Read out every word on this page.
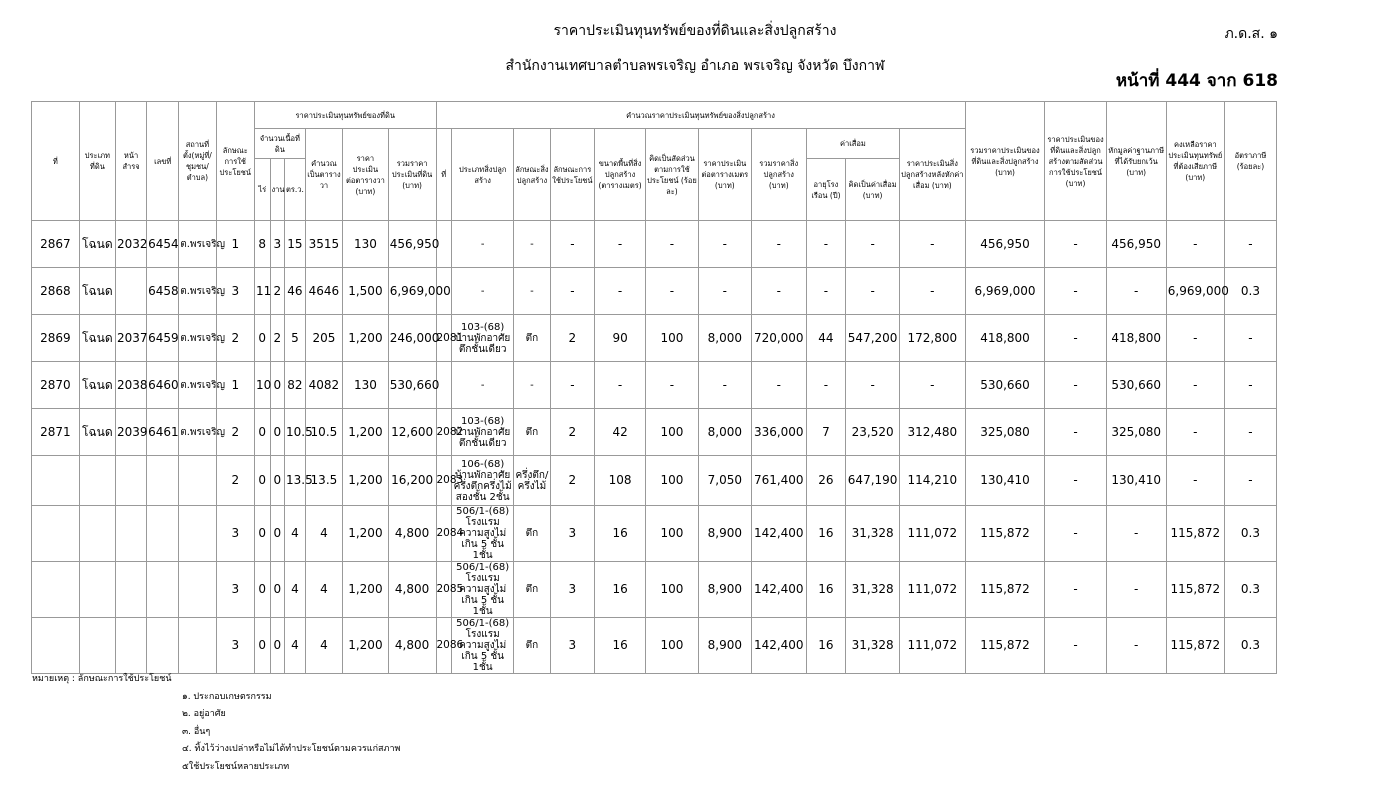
ราคาประเมินทุนทรัพย์ของที่ดินและสิ่งปลูกสร้าง
สำนักงานเทศบาลตำบลพรเจริญ อำเภอ พรเจริญ จังหวัด บึงกาฬ
ภ.ด.ส. ๑
หน้าที่ 444 จาก 618
ที่	ประเภทที่ดิน	หน้าสำรจ	เลขที่	สถานที่ตั้ง(หมู่ที่/ชุมชน/ตำบล)	ลักษณะการใช้ประโยชน์	ราคาประเมินทุนทรัพย์ของที่ดิน						คำนวณราคาประเมินทุนทรัพย์ของสิ่งปลูกสร้าง											รวมราคาประเมินของที่ดินและสิ่งปลูกสร้าง (บาท)	ราคาประเมินของที่ดินและสิ่งปลูกสร้างตามสัดส่วนการใช้ประโยชน์ (บาท)	หักมูลค่าฐานภาษีที่ได้รับยกเว้น (บาท)	คงเหลือราคาประเมินทุนทรัพย์ที่ต้องเสียภาษี (บาท)	อัตราภาษี (ร้อยละ)
						จำนวนเนื้อที่ดิน			คำนวณเป็นตารางวา	ราคาประเมินต่อตารางวา (บาท)	รวมราคาประเมินที่ดิน (บาท)	ที่	ประเภทสิ่งปลูกสร้าง	ลักษณะสิ่งปลูกสร้าง	ลักษณะการใช้ประโยชน์	ขนาดพื้นที่สิ่งปลูกสร้าง (ตารางเมตร)	คิดเป็นสัดส่วนตามการใช้ประโยชน์ (ร้อยละ)	ราคาประเมินต่อตารางเมตร (บาท)	รวมราคาสิ่งปลูกสร้าง (บาท)	ค่าเสื่อม		ราคาประเมินสิ่งปลูกสร้างหลังหักค่าเสื่อม (บาท)					
						ไร่	งาน	ตร.ว.												อายุโรงเรือน (ปี)	คิดเป็นค่าเสื่อม (บาท)						
2867	โฉนด	2032	6454	ต.พรเจริญ	1	8	3	15	3515	130	456,950		-	-	-	-	-	-	-	-	-	-	456,950	-	456,950	-	-
2868	โฉนด		6458	ต.พรเจริญ	3	11	2	46	4646	1,500	6,969,000		-	-	-	-	-	-	-	-	-	-	6,969,000	-	-	6,969,000	0.3
2869	โฉนด	2037	6459	ต.พรเจริญ	2	0	2	5	205	1,200	246,000	2081	103-(68) บ้านพักอาศัยตึกชั้นเดียว	ตึก	2	90	100	8,000	720,000	44	547,200	172,800	418,800	-	418,800	-	-
2870	โฉนด	2038	6460	ต.พรเจริญ	1	10	0	82	4082	130	530,660		-	-	-	-	-	-	-	-	-	-	530,660	-	530,660	-	-
2871	โฉนด	2039	6461	ต.พรเจริญ	2	0	0	10.5	10.5	1,200	12,600	2082	103-(68) บ้านพักอาศัยตึกชั้นเดียว	ตึก	2	42	100	8,000	336,000	7	23,520	312,480	325,080	-	325,080	-	-
					2	0	0	13.5	13.5	1,200	16,200	2083	106-(68) บ้านพักอาศัยครึ่งตึกครึ่งไม้สองชั้น 2ชั้น	ครึ่งตึก/ครึ่งไม้	2	108	100	7,050	761,400	26	647,190	114,210	130,410	-	130,410	-	-
					3	0	0	4	4	1,200	4,800	2084	506/1-(68) โรงแรม ความสูงไม่เกิน 5 ชั้น 1ชั้น	ตึก	3	16	100	8,900	142,400	16	31,328	111,072	115,872	-	-	115,872	0.3
					3	0	0	4	4	1,200	4,800	2085	506/1-(68) โรงแรม ความสูงไม่เกิน 5 ชั้น 1ชั้น	ตึก	3	16	100	8,900	142,400	16	31,328	111,072	115,872	-	-	115,872	0.3
					3	0	0	4	4	1,200	4,800	2086	506/1-(68) โรงแรม ความสูงไม่เกิน 5 ชั้น 1ชั้น	ตึก	3	16	100	8,900	142,400	16	31,328	111,072	115,872	-	-	115,872	0.3
หมายเหตุ : ลักษณะการใช้ประโยชน์
๑. ประกอบเกษตรกรรม
๒. อยู่อาศัย
๓. อื่นๆ
๔. ทิ้งไว้ว่างเปล่าหรือไม่ได้ทำประโยชน์ตามควรแก่สภาพ
๕ใช้ประโยชน์หลายประเภท
